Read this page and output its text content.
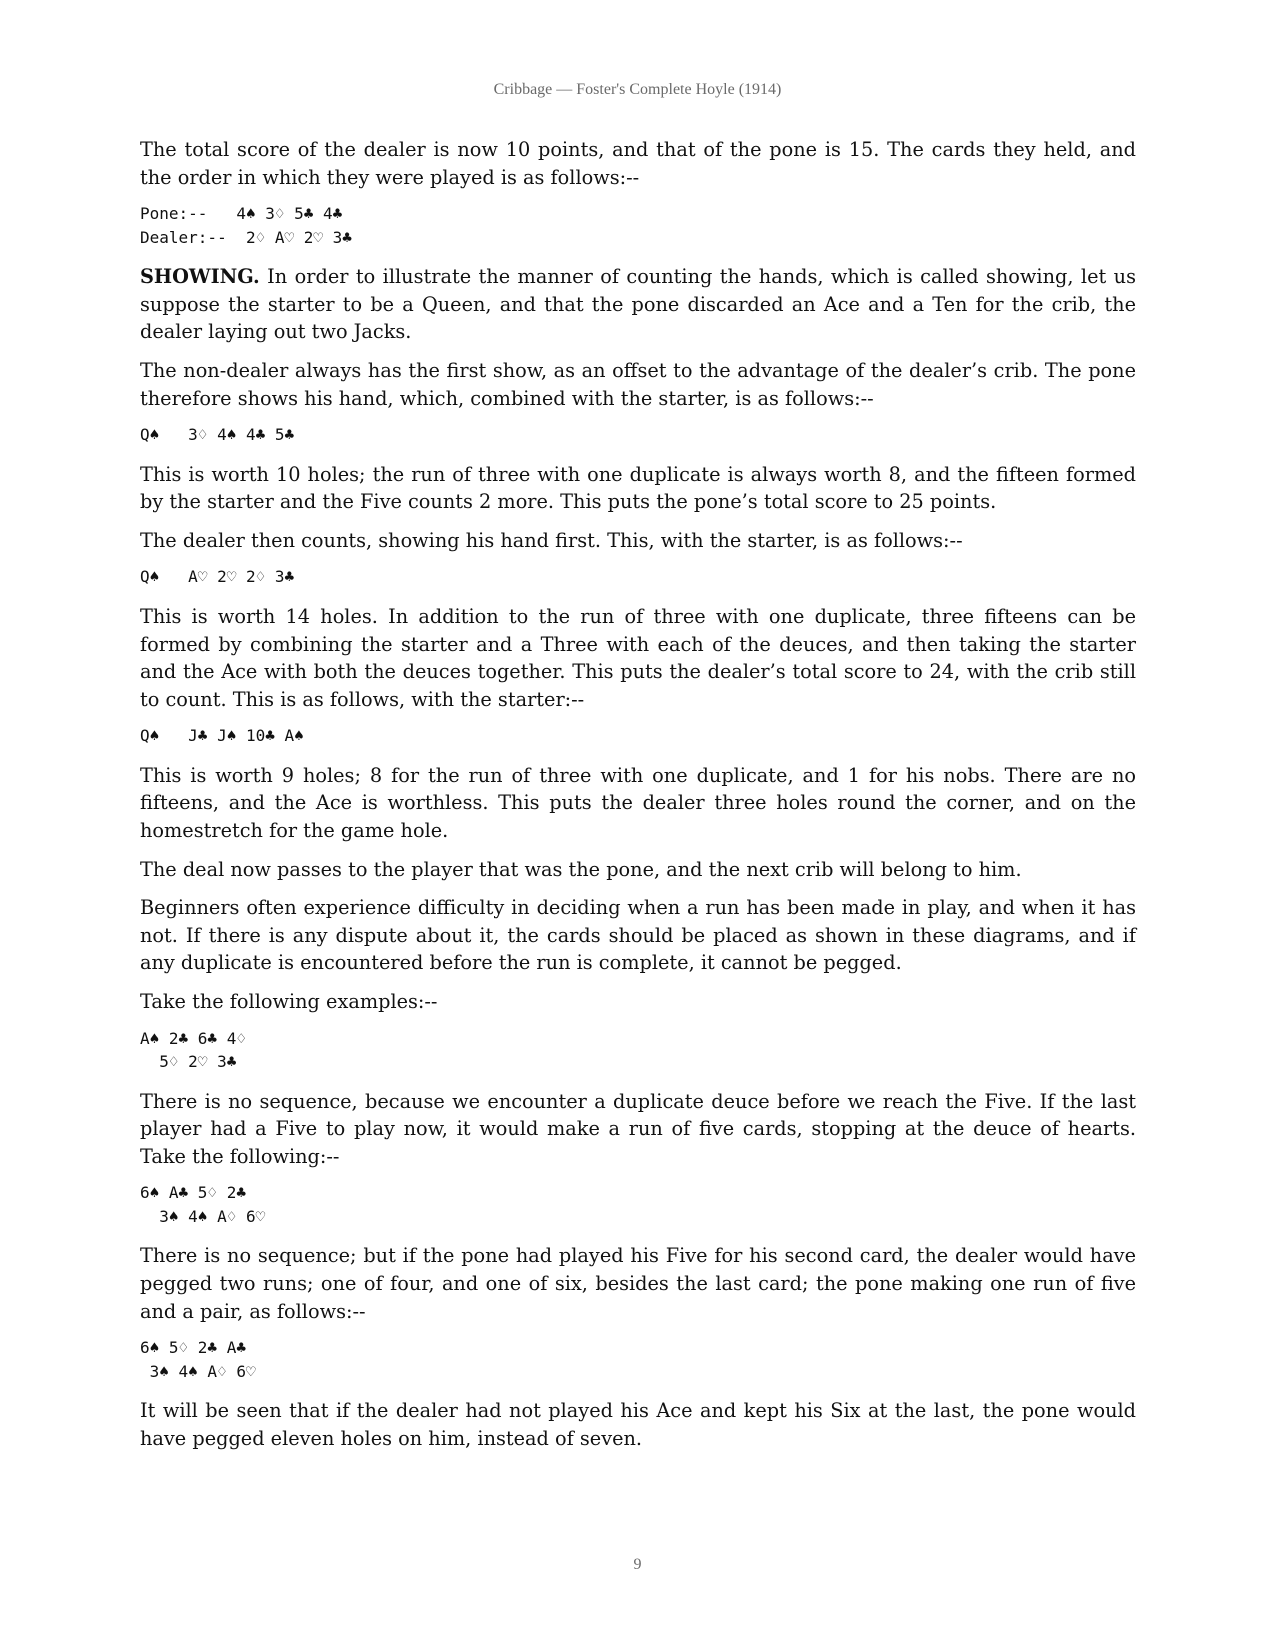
Cribbage — Foster's Complete Hoyle (1914)

The total score of the dealer is now 10 points, and that of the pone is 15. The cards they held, and the order in which they were played is as follows:--

Pone:--   4♠ 3♢ 5♣ 4♣
Dealer:--  2♢ A♡ 2♡ 3♣

SHOWING. In order to illustrate the manner of counting the hands, which is called showing, let us suppose the starter to be a Queen, and that the pone discarded an Ace and a Ten for the crib, the dealer laying out two Jacks.

The non-dealer always has the first show, as an offset to the advantage of the dealer’s crib. The pone therefore shows his hand, which, combined with the starter, is as follows:--

Q♠   3♢ 4♠ 4♣ 5♣

This is worth 10 holes; the run of three with one duplicate is always worth 8, and the fifteen formed by the starter and the Five counts 2 more. This puts the pone’s total score to 25 points.

The dealer then counts, showing his hand first. This, with the starter, is as follows:--

Q♠   A♡ 2♡ 2♢ 3♣

This is worth 14 holes. In addition to the run of three with one duplicate, three fifteens can be formed by combining the starter and a Three with each of the deuces, and then taking the starter and the Ace with both the deuces together. This puts the dealer’s total score to 24, with the crib still to count. This is as follows, with the starter:--

Q♠   J♣ J♠ 10♣ A♠

This is worth 9 holes; 8 for the run of three with one duplicate, and 1 for his nobs. There are no fifteens, and the Ace is worthless. This puts the dealer three holes round the corner, and on the homestretch for the game hole.

The deal now passes to the player that was the pone, and the next crib will belong to him.

Beginners often experience difficulty in deciding when a run has been made in play, and when it has not. If there is any dispute about it, the cards should be placed as shown in these diagrams, and if any duplicate is encountered before the run is complete, it cannot be pegged.

Take the following examples:--

A♠ 2♣ 6♣ 4♢
5♢ 2♡ 3♣

There is no sequence, because we encounter a duplicate deuce before we reach the Five. If the last player had a Five to play now, it would make a run of five cards, stopping at the deuce of hearts. Take the following:--

6♠ A♣ 5♢ 2♣
3♠ 4♠ A♢ 6♡

There is no sequence; but if the pone had played his Five for his second card, the dealer would have pegged two runs; one of four, and one of six, besides the last card; the pone making one run of five and a pair, as follows:--

6♠ 5♢ 2♣ A♣
3♠ 4♠ A♢ 6♡

It will be seen that if the dealer had not played his Ace and kept his Six at the last, the pone would have pegged eleven holes on him, instead of seven.

9
